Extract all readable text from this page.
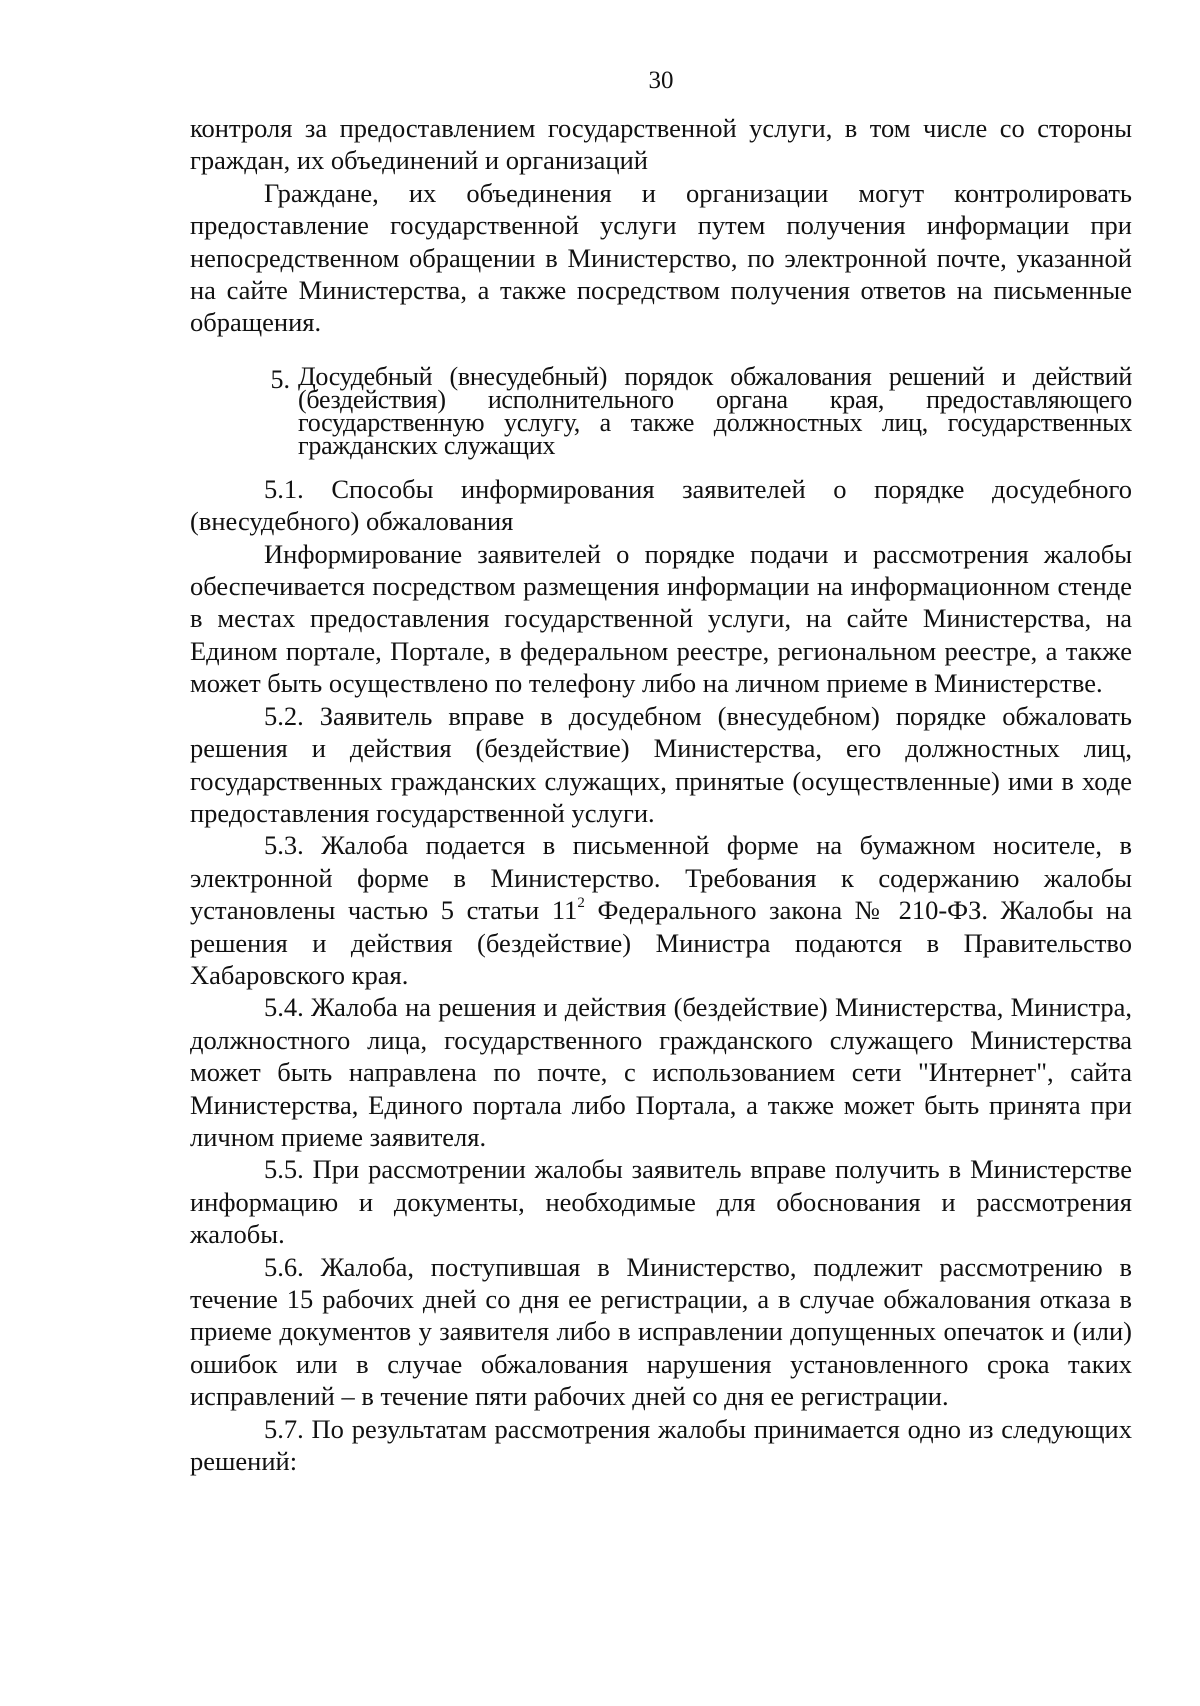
30

контроля за предоставлением государственной услуги, в том числе со стороны граждан, их объединений и организаций

Граждане, их объединения и организации могут контролировать предоставление государственной услуги путем получения информации при непосредственном обращении в Министерство, по электронной почте, указанной на сайте Министерства, а также посредством получения ответов на письменные обращения.

5. Досудебный (внесудебный) порядок обжалования решений и действий (бездействия) исполнительного органа края, предоставляющего государственную услугу, а также должностных лиц, государственных гражданских служащих

5.1. Способы информирования заявителей о порядке досудебного (внесудебного) обжалования

Информирование заявителей о порядке подачи и рассмотрения жалобы обеспечивается посредством размещения информации на информационном стенде в местах предоставления государственной услуги, на сайте Министерства, на Едином портале, Портале, в федеральном реестре, региональном реестре, а также может быть осуществлено по телефону либо на личном приеме в Министерстве.

5.2. Заявитель вправе в досудебном (внесудебном) порядке обжаловать решения и действия (бездействие) Министерства, его должностных лиц, государственных гражданских служащих, принятые (осуществленные) ими в ходе предоставления государственной услуги.

5.3. Жалоба подается в письменной форме на бумажном носителе, в электронной форме в Министерство. Требования к содержанию жалобы установлены частью 5 статьи $11^2$ Федерального закона № 210-ФЗ. Жалобы на решения и действия (бездействие) Министра подаются в Правительство Хабаровского края.

5.4. Жалоба на решения и действия (бездействие) Министерства, Министра, должностного лица, государственного гражданского служащего Министерства может быть направлена по почте, с использованием сети "Интернет", сайта Министерства, Единого портала либо Портала, а также может быть принята при личном приеме заявителя.

5.5. При рассмотрении жалобы заявитель вправе получить в Министерстве информацию и документы, необходимые для обоснования и рассмотрения жалобы.

5.6. Жалоба, поступившая в Министерство, подлежит рассмотрению в течение 15 рабочих дней со дня ее регистрации, а в случае обжалования отказа в приеме документов у заявителя либо в исправлении допущенных опечаток и (или) ошибок или в случае обжалования нарушения установленного срока таких исправлений – в течение пяти рабочих дней со дня ее регистрации.

5.7. По результатам рассмотрения жалобы принимается одно из следующих решений:
